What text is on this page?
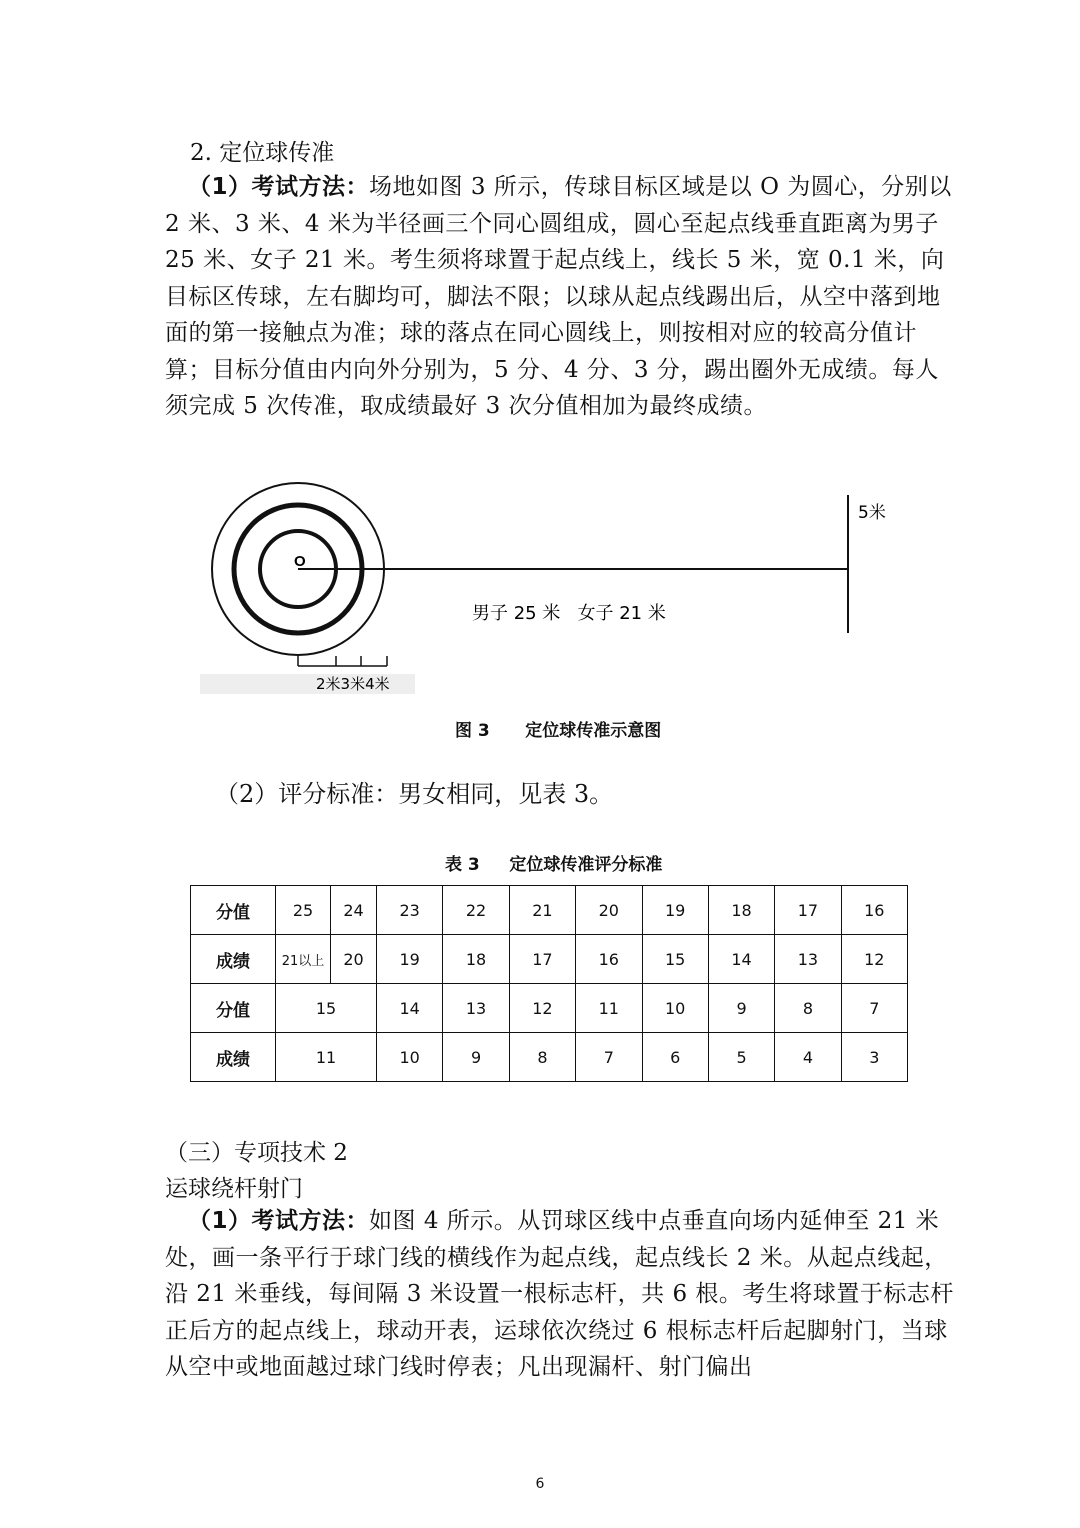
2. 定位球传准

（1）考试方法：场地如图 3 所示，传球目标区域是以 O 为圆心，分别以 2 米、3 米、4 米为半径画三个同心圆组成，圆心至起点线垂直距离为男子 25 米、女子 21 米。考生须将球置于起点线上，线长 5 米，宽 0.1 米，向目标区传球，左右脚均可，脚法不限；以球从起点线踢出后，从空中落到地面的第一接触点为准；球的落点在同心圆线上，则按相对应的较高分值计算；目标分值由内向外分别为，5 分、4 分、3 分，踢出圈外无成绩。每人须完成 5 次传准，取成绩最好 3 次分值相加为最终成绩。

O
5米
男子 25 米   女子 21 米
2米3米4米
图 3      定位球传准示意图
（2）评分标准：男女相同，见表 3。
表 3     定位球传准评分标准
分值	25	24	23	22	21	20	19	18	17	16
成绩	21以上	20	19	18	17	16	15	14	13	12
分值	15		14	13	12	11	10	9	8	7
成绩	11		10	9	8	7	6	5	4	3
（三）专项技术 2
运球绕杆射门

（1）考试方法：如图 4 所示。从罚球区线中点垂直向场内延伸至 21 米处，画一条平行于球门线的横线作为起点线，起点线长 2 米。从起点线起，沿 21 米垂线，每间隔 3 米设置一根标志杆，共 6 根。考生将球置于标志杆正后方的起点线上，球动开表，运球依次绕过 6 根标志杆后起脚射门，当球从空中或地面越过球门线时停表；凡出现漏杆、射门偏出

6
